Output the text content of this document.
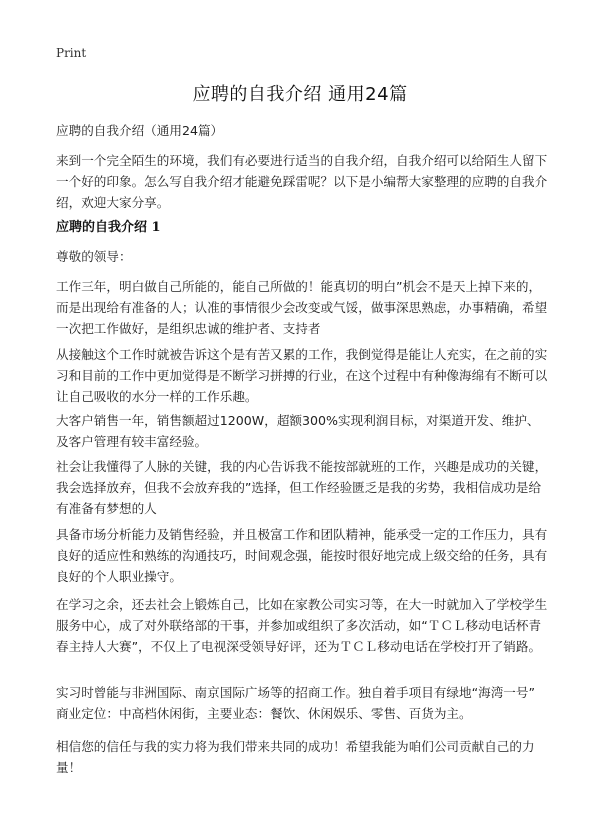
Print
应聘的自我介绍 通用24篇
应聘的自我介绍（通用24篇）
来到一个完全陌生的环境，我们有必要进行适当的自我介绍，自我介绍可以给陌生人留下一个好的印象。怎么写自我介绍才能避免踩雷呢？以下是小编帮大家整理的应聘的自我介绍，欢迎大家分享。
应聘的自我介绍 1
尊敬的领导：
工作三年，明白做自己所能的，能自己所做的！能真切的明白”机会不是天上掉下来的，而是出现给有准备的人；认准的事情很少会改变或气馁，做事深思熟虑，办事精确，希望一次把工作做好，是组织忠诚的维护者、支持者
从接触这个工作时就被告诉这个是有苦又累的工作，我倒觉得是能让人充实，在之前的实习和目前的工作中更加觉得是不断学习拼搏的行业，在这个过程中有种像海绵有不断可以让自己吸收的水分一样的工作乐趣。
大客户销售一年，销售额超过1200W，超额300%实现利润目标，对渠道开发、维护、及客户管理有较丰富经验。
社会让我懂得了人脉的关键，我的内心告诉我不能按部就班的工作，兴趣是成功的关键，我会选择放弃，但我不会放弃我的”选择，但工作经验匮乏是我的劣势，我相信成功是给有准备有梦想的人
具备市场分析能力及销售经验，并且极富工作和团队精神，能承受一定的工作压力，具有良好的适应性和熟练的沟通技巧，时间观念强，能按时很好地完成上级交给的任务，具有良好的个人职业操守。
在学习之余，还去社会上锻炼自己，比如在家教公司实习等，在大一时就加入了学校学生服务中心，成了对外联络部的干事，并参加或组织了多次活动，如“ＴＣＬ移动电话杯青春主持人大赛”，不仅上了电视深受领导好评，还为ＴＣＬ移动电话在学校打开了销路。
实习时曾能与非洲国际、南京国际广场等的招商工作。独自着手项目有绿地“海湾一号” 商业定位：中高档休闲街，主要业态：餐饮、休闲娱乐、零售、百货为主。
相信您的信任与我的实力将为我们带来共同的成功！希望我能为咱们公司贡献自己的力量！
